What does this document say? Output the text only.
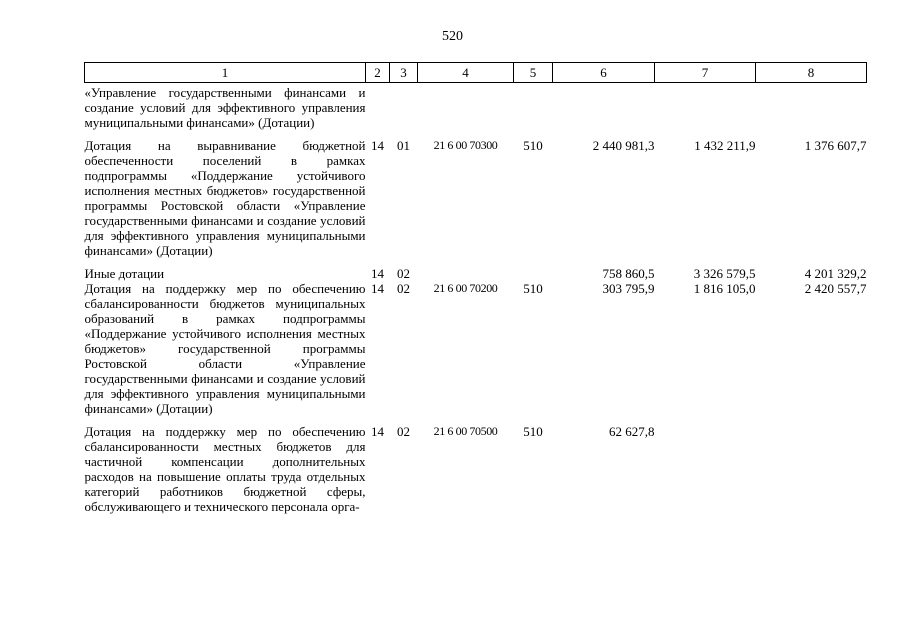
520
1	2	3	4	5	6	7	8
«Управление государственными финансами и создание условий для эффективного управления муниципальными финансами» (Дотации)							
Дотация на выравнивание бюджетной обеспеченности поселений в рамках подпрограммы «Поддержание устойчивого исполнения местных бюджетов» государственной программы Ростовской области «Управление государственными финансами и создание условий для эффективного управления муниципальными финансами» (Дотации)	14	01	21 6 00 70300	510	2 440 981,3	1 432 211,9	1 376 607,7
Иные дотации	14	02			758 860,5	3 326 579,5	4 201 329,2
Дотация на поддержку мер по обеспечению сбалансированности бюджетов муниципальных образований в рамках подпрограммы «Поддержание устойчивого исполнения местных бюджетов» государственной программы Ростовской области «Управление государственными финансами и создание условий для эффективного управления муниципальными финансами» (Дотации)	14	02	21 6 00 70200	510	303 795,9	1 816 105,0	2 420 557,7
Дотация на поддержку мер по обеспечению сбалансированности местных бюджетов для частичной компенсации дополнительных расходов на повышение оплаты труда отдельных категорий работников бюджетной сферы, обслуживающего и технического персонала орга-	14	02	21 6 00 70500	510	62 627,8		
